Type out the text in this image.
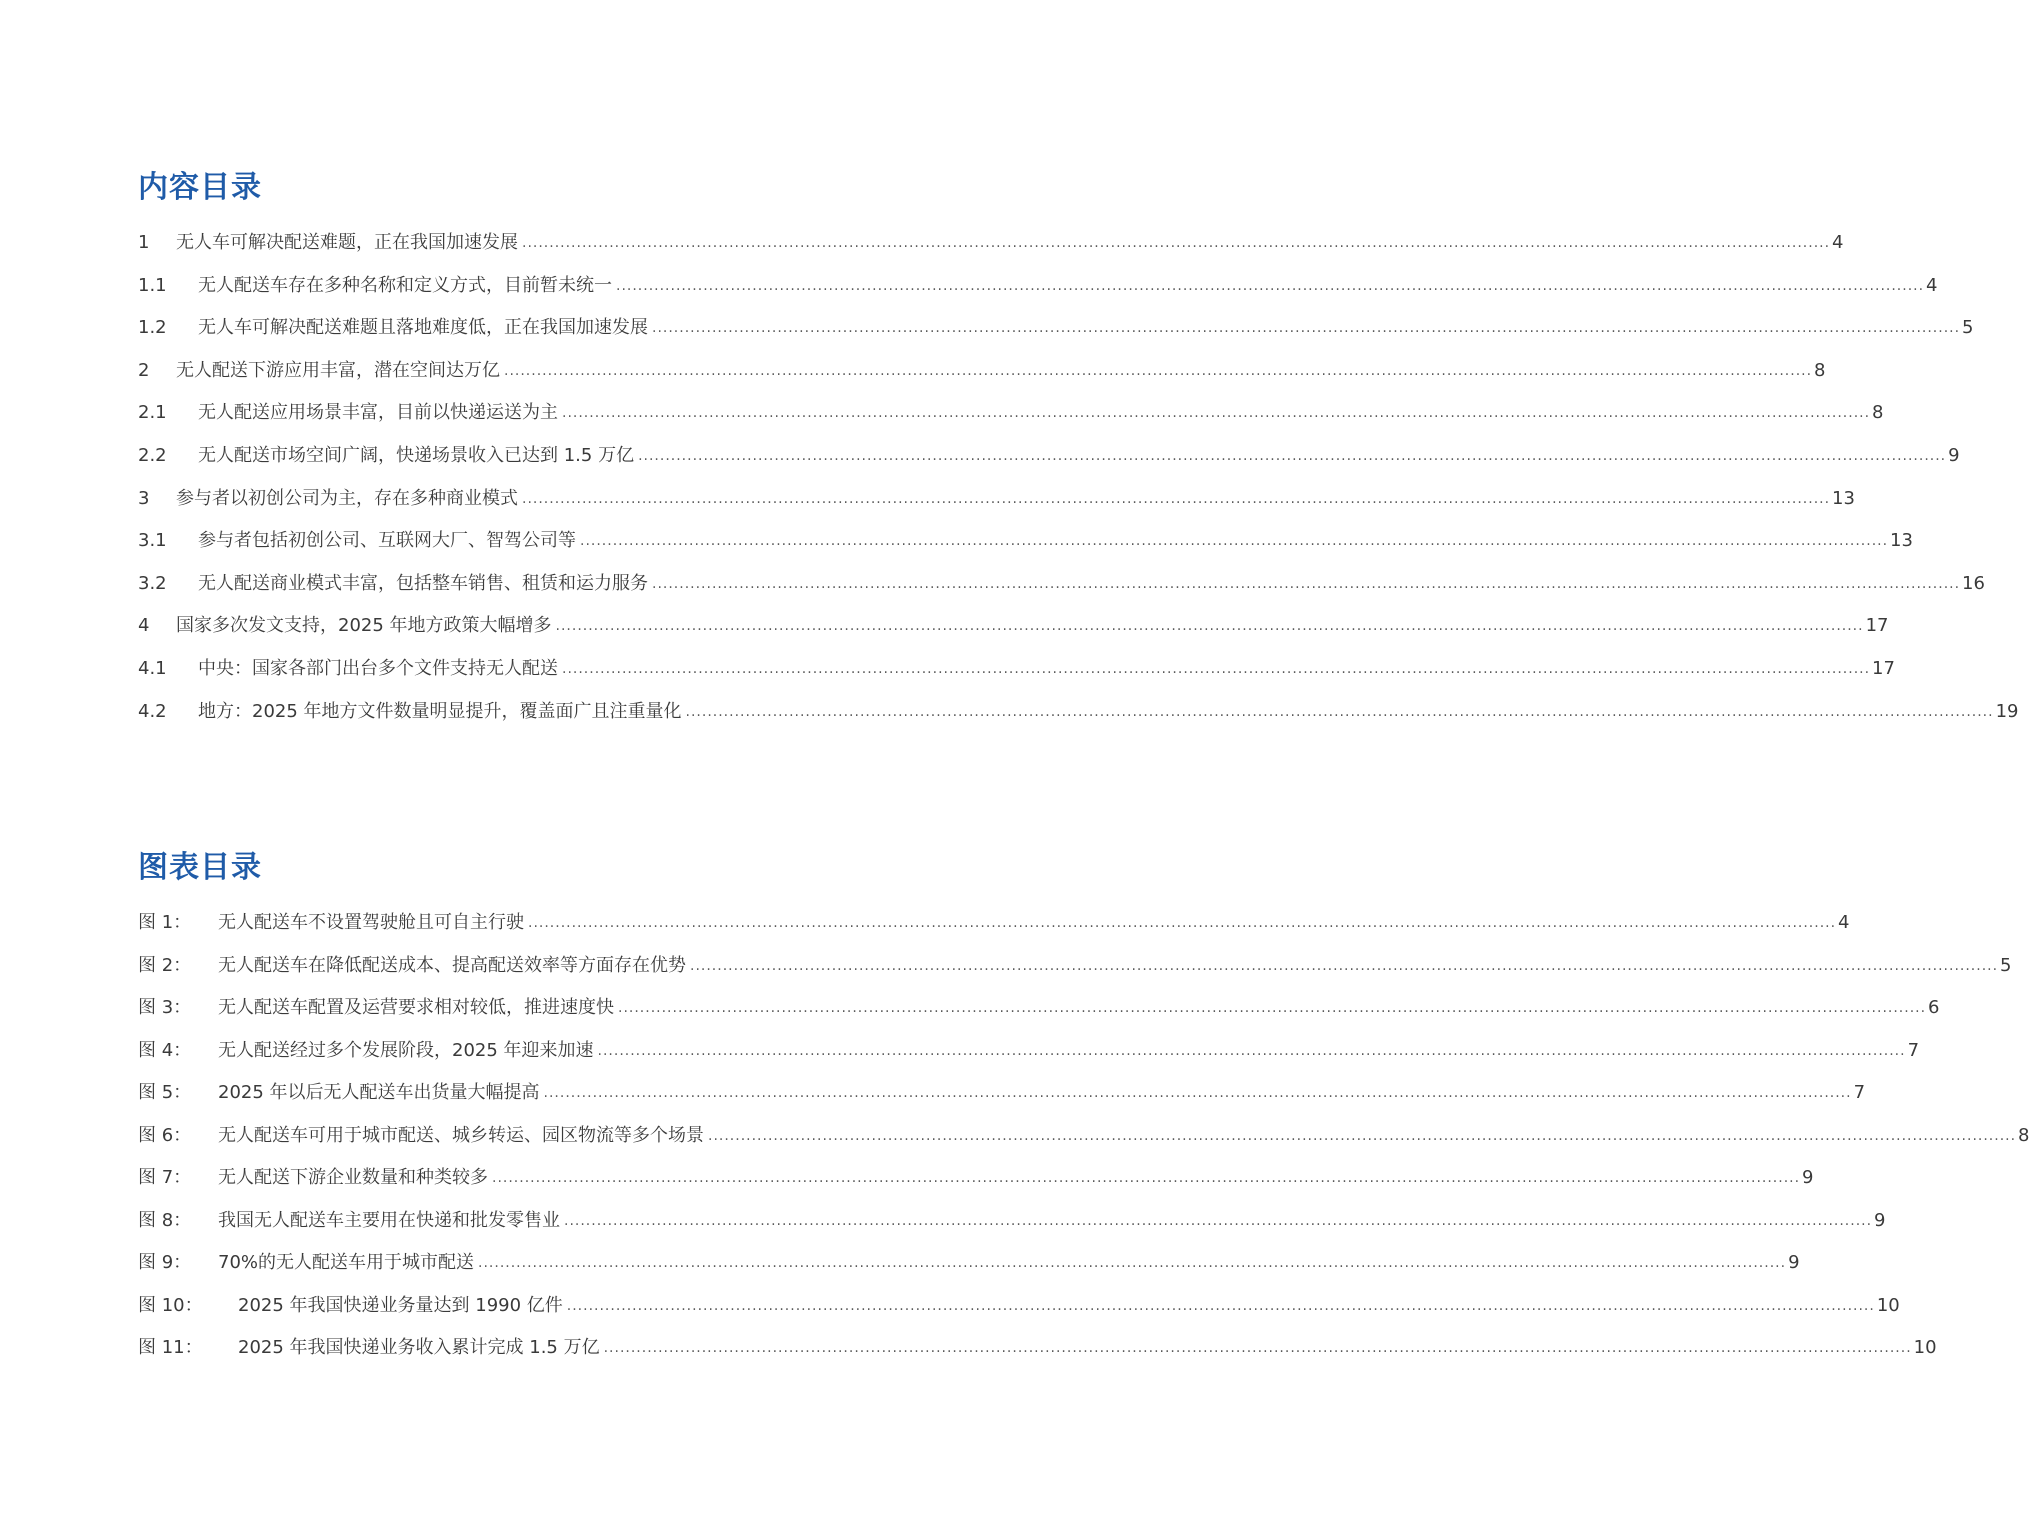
内容目录
1	无人车可解决配送难题，正在我国加速发展 .....	4
1.1	无人配送车存在多种名称和定义方式，目前暂未统一 .....	4
1.2	无人车可解决配送难题且落地难度低，正在我国加速发展 .....	5
2	无人配送下游应用丰富，潜在空间达万亿 .....	8
2.1	无人配送应用场景丰富，目前以快递运送为主 .....	8
2.2	无人配送市场空间广阔，快递场景收入已达到 1.5 万亿 .....	9
3	参与者以初创公司为主，存在多种商业模式 .....	13
3.1	参与者包括初创公司、互联网大厂、智驾公司等 .....	13
3.2	无人配送商业模式丰富，包括整车销售、租赁和运力服务 .....	16
4	国家多次发文支持，2025 年地方政策大幅增多 .....	17
4.1	中央：国家各部门出台多个文件支持无人配送 .....	17
4.2	地方：2025 年地方文件数量明显提升，覆盖面广且注重量化 .....	19
图表目录
图 1：	无人配送车不设置驾驶舱且可自主行驶 .....	4
图 2：	无人配送车在降低配送成本、提高配送效率等方面存在优势 .....	5
图 3：	无人配送车配置及运营要求相对较低，推进速度快 .....	6
图 4：	无人配送经过多个发展阶段，2025 年迎来加速 .....	7
图 5：	2025 年以后无人配送车出货量大幅提高 .....	7
图 6：	无人配送车可用于城市配送、城乡转运、园区物流等多个场景 .....	8
图 7：	无人配送下游企业数量和种类较多 .....	9
图 8：	我国无人配送车主要用在快递和批发零售业 .....	9
图 9：	70%的无人配送车用于城市配送 .....	9
图 10：	2025 年我国快递业务量达到 1990 亿件 .....	10
图 11：	2025 年我国快递业务收入累计完成 1.5 万亿 .....	10
